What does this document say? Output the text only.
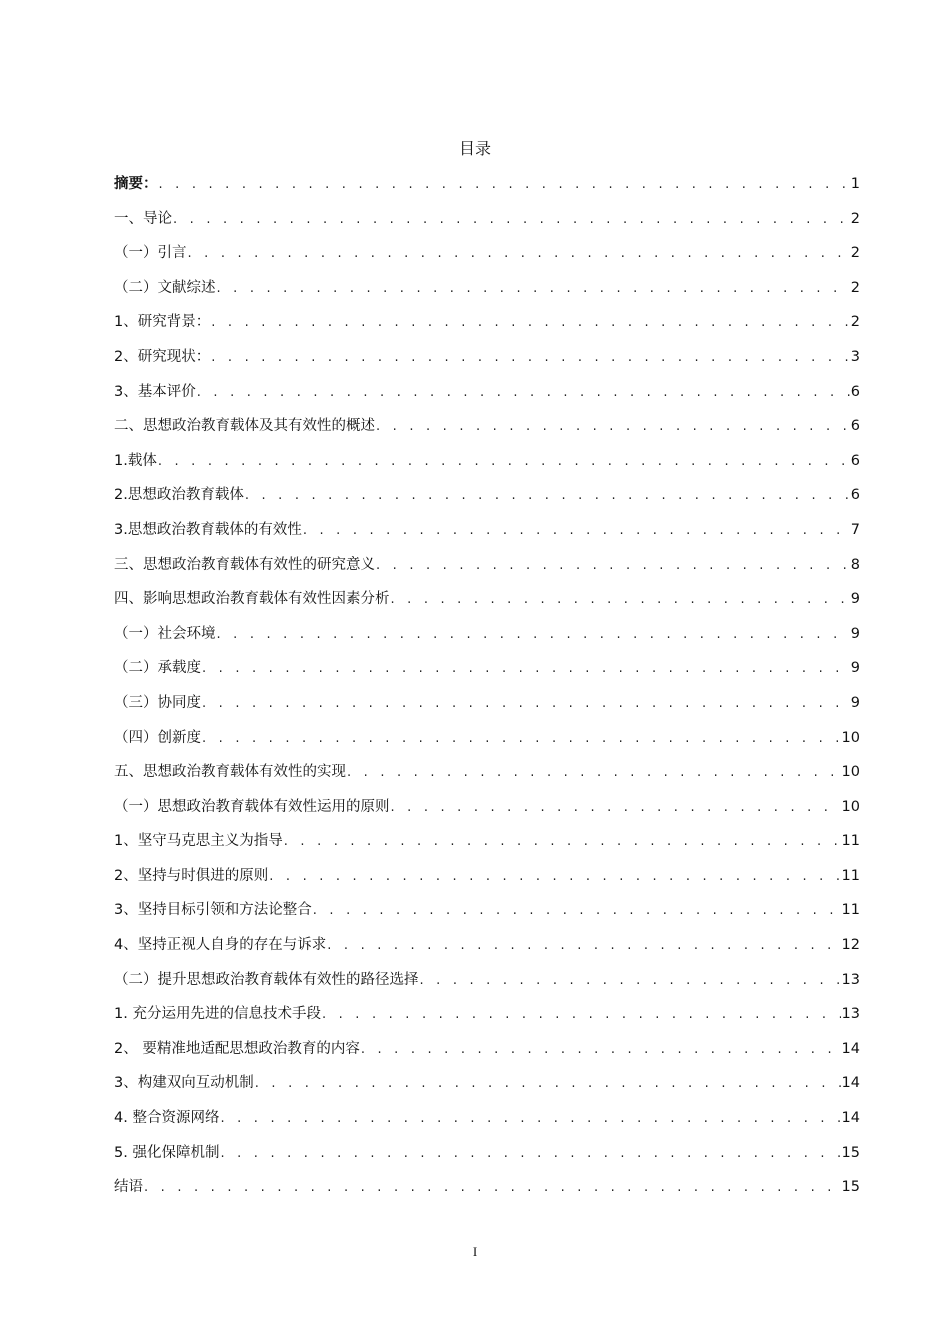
目录
摘要： . . .	1
一、导论 . . .	2
（一）引言 . . .	2
（二）文献综述 . . .	2
1、研究背景： . . .	2
2、研究现状： . . .	3
3、基本评价 . . .	6
二、思想政治教育载体及其有效性的概述 . . .	6
1.载体 . . .	6
2.思想政治教育载体 . . .	6
3.思想政治教育载体的有效性 . . .	7
三、思想政治教育载体有效性的研究意义 . . .	8
四、影响思想政治教育载体有效性因素分析 . . .	9
（一）社会环境 . . .	9
（二）承载度 . . .	9
（三）协同度 . . .	9
（四）创新度 . . .	10
五、思想政治教育载体有效性的实现 . . .	10
（一）思想政治教育载体有效性运用的原则 . . .	10
1、坚守马克思主义为指导 . . .	11
2、坚持与时俱进的原则 . . .	11
3、坚持目标引领和方法论整合 . . .	11
4、坚持正视人自身的存在与诉求 . . .	12
（二）提升思想政治教育载体有效性的路径选择 . . .	13
1. 充分运用先进的信息技术手段 . . .	13
2、 要精准地适配思想政治教育的内容 . . .	14
3、构建双向互动机制 . . .	14
4. 整合资源网络 . . .	14
5. 强化保障机制 . . .	15
结语 . . .	15
I
